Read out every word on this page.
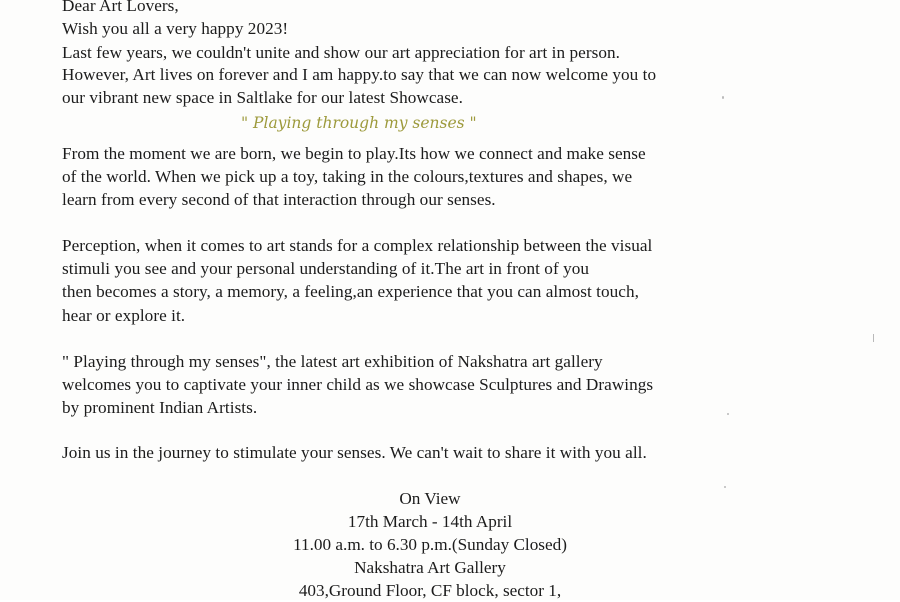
Dear Art Lovers,
Wish you all a very happy 2023!
Last few years, we couldn't unite and show our art appreciation for art in person.
However, Art lives on forever and I am happy.to say that we can now welcome you to
our vibrant new space in Saltlake for our latest Showcase.
" Playing through my senses "
From the moment we are born, we begin to play.Its how we connect and make sense
of the world. When we pick up a toy, taking in the colours,textures and shapes, we
learn from every second of that interaction through our senses.
Perception, when it comes to art stands for a complex relationship between the visual
stimuli you see and your personal understanding of it.The art in front of you
then becomes a story, a memory, a feeling,an experience that you can almost touch,
hear or explore it.
" Playing through my senses", the latest art exhibition of Nakshatra art gallery
welcomes you to captivate your inner child as we showcase Sculptures and Drawings
by prominent Indian Artists.
Join us in the journey to stimulate your senses. We can't wait to share it with you all.
On View
17th March - 14th April
11.00 a.m. to 6.30 p.m.(Sunday Closed)
Nakshatra Art Gallery
403,Ground Floor, CF block, sector 1,
